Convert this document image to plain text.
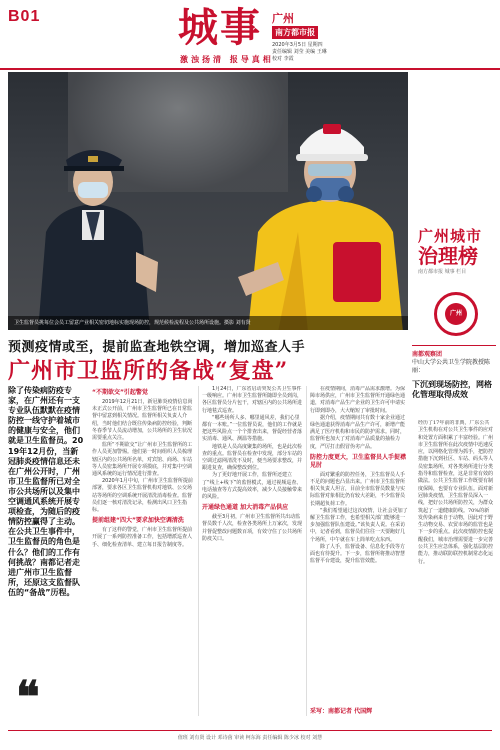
B01	城事 广州
南方都市报
2020年3月5日 星期四
责任编辑 刘莹 美编 王琳 校对 李霞
激浊扬清 报导真相
卫生监督员挑每位会员工留意产业相关密切地标实施现场防控，规范候检流程及公共场所设施。摄影 刘有贤
广州城市
治理榜
南方都市报 城事 栏目
广州
南都观察团
中山大学公共卫生学院教授陈丽：
下沉到现场防控，网格化管理取得成效
经历了17年前的非典，广东公共卫生机构在对公共卫生事件的应对和处置方面积累了丰富经验。广州市卫生监督所在此次疫情中迅速反应，以网格化管理为抓手，把防控措施下沉到社区、车站、码头等人员密集场所，对各类场所进行分类指导和监督检查，这是非常有效的做法。公共卫生监督工作既要有制度保障，也要有专业队伍。面对新冠肺炎疫情，卫生监督员深入一线，把好公共场所防控关，为群众筑起了一道健康防线。70%的新发传染病来自于动物，因此对于野生动物交易、农贸市场的监管也是下一步的重点。此次疫情防控也提醒我们，城市治理需要进一步完善公共卫生应急体系，强化基层防控能力，推动联防联控机制常态化运行。
预测疫情或至，提前监查地铁空调，增加巡查人手
广州市卫监所的备战“复盘”
除了传染病防疫专家，在广州还有一支专业队伍默默在疫情防控一线守护着城市的健康与安全，他们就是卫生监督员。2019年12月份，当新冠肺炎疫情信息还未在广州公开时，广州市卫生监督所已对全市公共场所以及集中空调通风系统开展专项检查，为随后的疫情防控赢得了主动。在公共卫生事件中，卫生监督员的角色是什么？他们的工作有何挑战？南都记者走进广州市卫生监督所，还原这支监督队伍的“备战”历程。
❝
“不期欲交”引起警觉
2019年12月21日，新冠肺炎疫情信息尚未正式公开前，广州市卫生监督所已在日常监督中留意到相关情况。监督所相关负责人介绍，当时他们结合既往传染病防控经验，判断冬春季节人员流动增加，公共场所的卫生状况需要重点关注。
监所“不期欲交”让广州市卫生监督所的工作人员更加警惕。他们第一时间组织人员梳理辖区内的公共场所名单，对宾馆、商场、车站等人员密集场所开展专项摸底，并对集中空调通风系统的运行情况进行排查。
2020年1月中旬，广州市卫生监督所提前部署，要求各区卫生监督机构对地铁、公交场站等场所的空调系统开展清洗消毒检查。监督员们逐一核对清洗记录，检测出风口卫生指标。
提前组建“四大”要求加快空调清洗
有了这样的警觉，广州市卫生监督所提前开展了一系列防控准备工作，包括增派巡查人手、细化检查清单、建立每日报告制度等。
1月24日，广东省启动突发公共卫生事件一级响应。广州市卫生监督所随即全员到岗，各区监督员分片包干，对辖区内的公共场所进行地毯式巡查。
“哪些场所人多、哪里通风差，我们心里都有一本账。”一位监督员说，他们的工作就是把这些风险点一个个排查出来，督促经营者落实消毒、通风、测温等措施。
地铁是人员高度聚集的场所，也是此次检查的重点。监督员在检查中发现，部分车站的空调过滤网清洗不及时，便当场要求整改，并跟进复查，确保整改到位。
为了更好地开展工作，监督所还建立了“线上+线下”的监督模式，通过视频巡查、电话抽查等方式提高效率，减少人员接触带来的风险。
开通绿色通道 加大消毒产品供应
截至3月初，广州市卫生监督所共出动监督员数千人次，检查各类场所上万家次，发现并督促整改问题数百项，有效守住了公共场所防疫关口。
在疫情期间，消毒产品需求激增。为保障市场供应，广州市卫生监督所开通绿色通道，对消毒产品生产企业的卫生许可申请实行即到即办，大大缩短了审批时间。
据介绍，疫情期间共有数十家企业通过绿色通道获得消毒产品生产许可，新增产能满足了医疗机构和市民的防护需求。同时，监督所也加大了对消毒产品质量的抽检力度，严厉打击假冒伪劣产品。
防控力度更大，卫生监督员人手捉襟见肘
面对繁重的防控任务，卫生监督员人手不足的问题也凸显出来。广州市卫生监督所相关负责人坦言，目前全市监督员数量与实际监督对象相比仍有较大差距，不少监督员长期超负荷工作。
“我们希望通过这次疫情，让社会更加了解卫生监督工作，也希望相关部门能够进一步加强监督队伍建设。”该负责人说。在采访中，记者看到，监督员们往往一天要跑好几个场所，中午就在车上简单吃点东西。
除了人手，监督设备、信息化手段等方面也有待提升。下一步，监督所将推动智慧监督平台建设，提升监管效能。
采写：南都记者 代国辉
值班 刘有贤 设计 邓诗茵 审读 柯东海 责任编辑 陈少冰 校对 刘慧
